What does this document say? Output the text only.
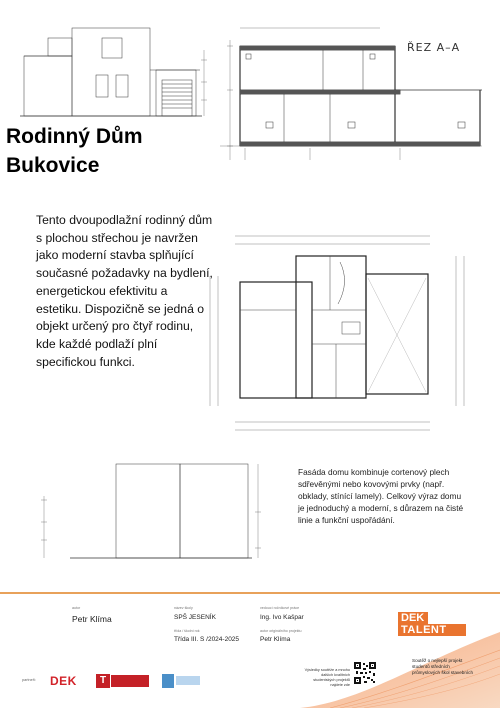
ŘEZ A–A
Rodinný Dům
Bukovice

Tento dvoupodlažní rodinný dům s plochou střechou je navržen jako moderní stavba splňující současné požadavky na bydlení, energetickou efektivitu a estetiku. Dispozičně se jedná o objekt určený pro čtyř rodinu, kde každé podlaží plní specifickou funkci.

Fasáda domu kombinuje cortenový plech sdřevěnými nebo kovovými prvky (např. obklady, stínící lamely). Celkový výraz domu je jednoduchý a moderní, s důrazem na čisté linie a funkční uspořádání.

autor
Petr Klíma
název školy
SPŠ JESENÍK
třída / školní rok
Třída III. S /2024-2025
vedoucí ročníkové práce
Ing. Ivo Kašpar
autor originálního projektu
Petr Klíma
DEK
TALENT
Soutěž o nejlepší projekt studentů středních průmyslových škol stavebních
Výsledky soutěže a mnoho dalších kvalitních studentských projektů najdete zde
partneři: DEK	T
